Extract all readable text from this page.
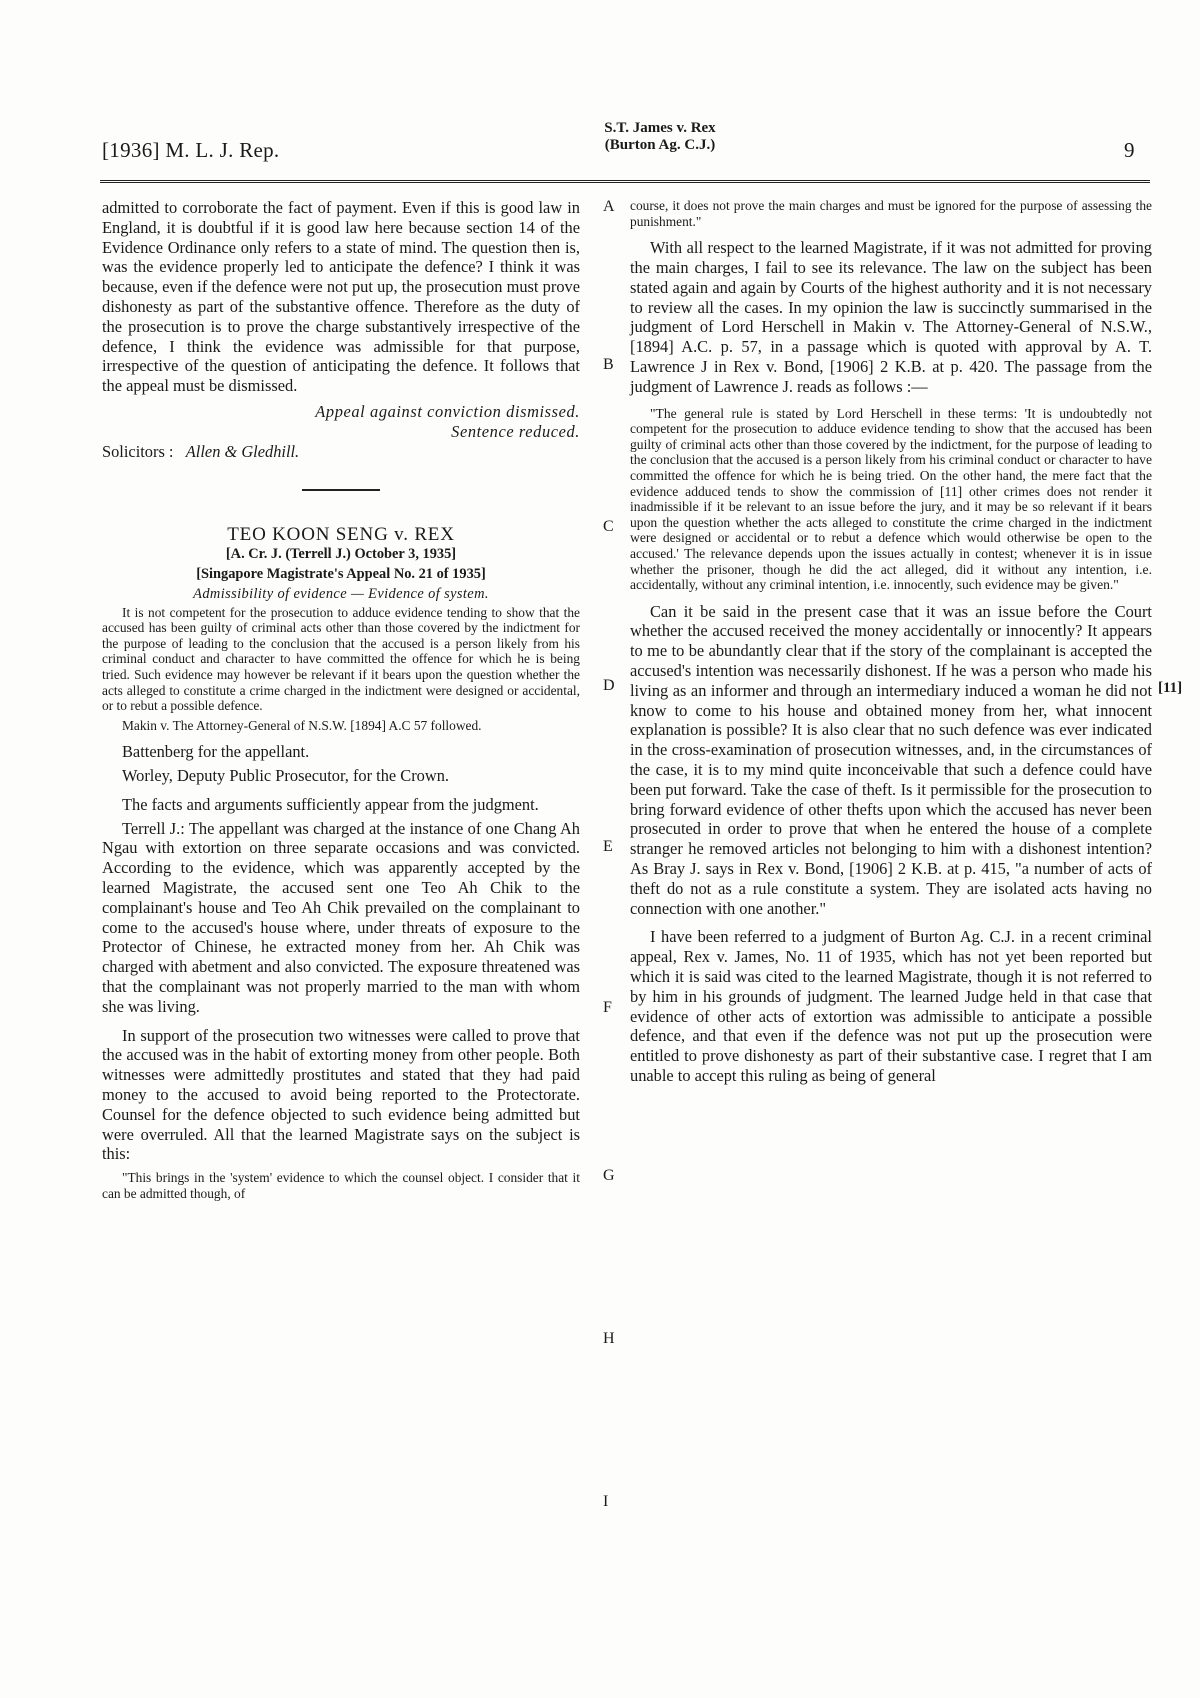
[1936] M. L. J. Rep.
S.T. James v. Rex
(Burton Ag. C.J.)	9

admitted to corroborate the fact of payment. Even if this is good law in England, it is doubtful if it is good law here because section 14 of the Evidence Ordinance only refers to a state of mind. The question then is, was the evidence properly led to anticipate the defence? I think it was because, even if the defence were not put up, the prosecution must prove dishonesty as part of the substantive offence. Therefore as the duty of the prosecution is to prove the charge substantively irrespective of the defence, I think the evidence was admissible for that purpose, irrespective of the question of anticipating the defence. It follows that the appeal must be dismissed.

Appeal against conviction dismissed.

Sentence reduced.

Solicitors : Allen & Gledhill.

TEO KOON SENG v. REX

[A. Cr. J. (Terrell J.) October 3, 1935]

[Singapore Magistrate's Appeal No. 21 of 1935]

Admissibility of evidence — Evidence of system.

It is not competent for the prosecution to adduce evidence tending to show that the accused has been guilty of criminal acts other than those covered by the indictment for the purpose of leading to the conclusion that the accused is a person likely from his criminal conduct and character to have committed the offence for which he is being tried. Such evidence may however be relevant if it bears upon the question whether the acts alleged to constitute a crime charged in the indictment were designed or accidental, or to rebut a possible defence.

Makin v. The Attorney-General of N.S.W. [1894] A.C 57 followed.

Battenberg for the appellant.

Worley, Deputy Public Prosecutor, for the Crown.

The facts and arguments sufficiently appear from the judgment.

Terrell J.: The appellant was charged at the instance of one Chang Ah Ngau with extortion on three separate occasions and was convicted. According to the evidence, which was apparently accepted by the learned Magistrate, the accused sent one Teo Ah Chik to the complainant's house and Teo Ah Chik prevailed on the complainant to come to the accused's house where, under threats of exposure to the Protector of Chinese, he extracted money from her. Ah Chik was charged with abetment and also convicted. The exposure threatened was that the complainant was not properly married to the man with whom she was living.

In support of the prosecution two witnesses were called to prove that the accused was in the habit of extorting money from other people. Both witnesses were admittedly prostitutes and stated that they had paid money to the accused to avoid being reported to the Protectorate. Counsel for the defence objected to such evidence being admitted but were overruled. All that the learned Magistrate says on the subject is this:

"This brings in the 'system' evidence to which the counsel object. I consider that it can be admitted though, of

course, it does not prove the main charges and must be ignored for the purpose of assessing the punishment."

With all respect to the learned Magistrate, if it was not admitted for proving the main charges, I fail to see its relevance. The law on the subject has been stated again and again by Courts of the highest authority and it is not necessary to review all the cases. In my opinion the law is succinctly summarised in the judgment of Lord Herschell in Makin v. The Attorney-General of N.S.W., [1894] A.C. p. 57, in a passage which is quoted with approval by A. T. Lawrence J in Rex v. Bond, [1906] 2 K.B. at p. 420. The passage from the judgment of Lawrence J. reads as follows :—

"The general rule is stated by Lord Herschell in these terms: 'It is undoubtedly not competent for the prosecution to adduce evidence tending to show that the accused has been guilty of criminal acts other than those covered by the indictment, for the purpose of leading to the conclusion that the accused is a person likely from his criminal conduct or character to have committed the offence for which he is being tried. On the other hand, the mere fact that the evidence adduced tends to show the commission of [11] other crimes does not render it inadmissible if it be relevant to an issue before the jury, and it may be so relevant if it bears upon the question whether the acts alleged to constitute the crime charged in the indictment were designed or accidental or to rebut a defence which would otherwise be open to the accused.' The relevance depends upon the issues actually in contest; whenever it is in issue whether the prisoner, though he did the act alleged, did it without any intention, i.e. accidentally, without any criminal intention, i.e. innocently, such evidence may be given."

Can it be said in the present case that it was an issue before the Court whether the accused received the money accidentally or innocently? It appears to me to be abundantly clear that if the story of the complainant is accepted the accused's intention was necessarily dishonest. If he was a person who made his living as an informer and through an intermediary induced a woman he did not know to come to his house and obtained money from her, what innocent explanation is possible? It is also clear that no such defence was ever indicated in the cross-examination of prosecution witnesses, and, in the circumstances of the case, it is to my mind quite inconceivable that such a defence could have been put forward. Take the case of theft. Is it permissible for the prosecution to bring forward evidence of other thefts upon which the accused has never been prosecuted in order to prove that when he entered the house of a complete stranger he removed articles not belonging to him with a dishonest intention? As Bray J. says in Rex v. Bond, [1906] 2 K.B. at p. 415, "a number of acts of theft do not as a rule constitute a system. They are isolated acts having no connection with one another."

I have been referred to a judgment of Burton Ag. C.J. in a recent criminal appeal, Rex v. James, No. 11 of 1935, which has not yet been reported but which it is said was cited to the learned Magistrate, though it is not referred to by him in his grounds of judgment. The learned Judge held in that case that evidence of other acts of extortion was admissible to anticipate a possible defence, and that even if the defence was not put up the prosecution were entitled to prove dishonesty as part of their substantive case. I regret that I am unable to accept this ruling as being of general

A
B
C
D
E
F
G
H
I
[11]
